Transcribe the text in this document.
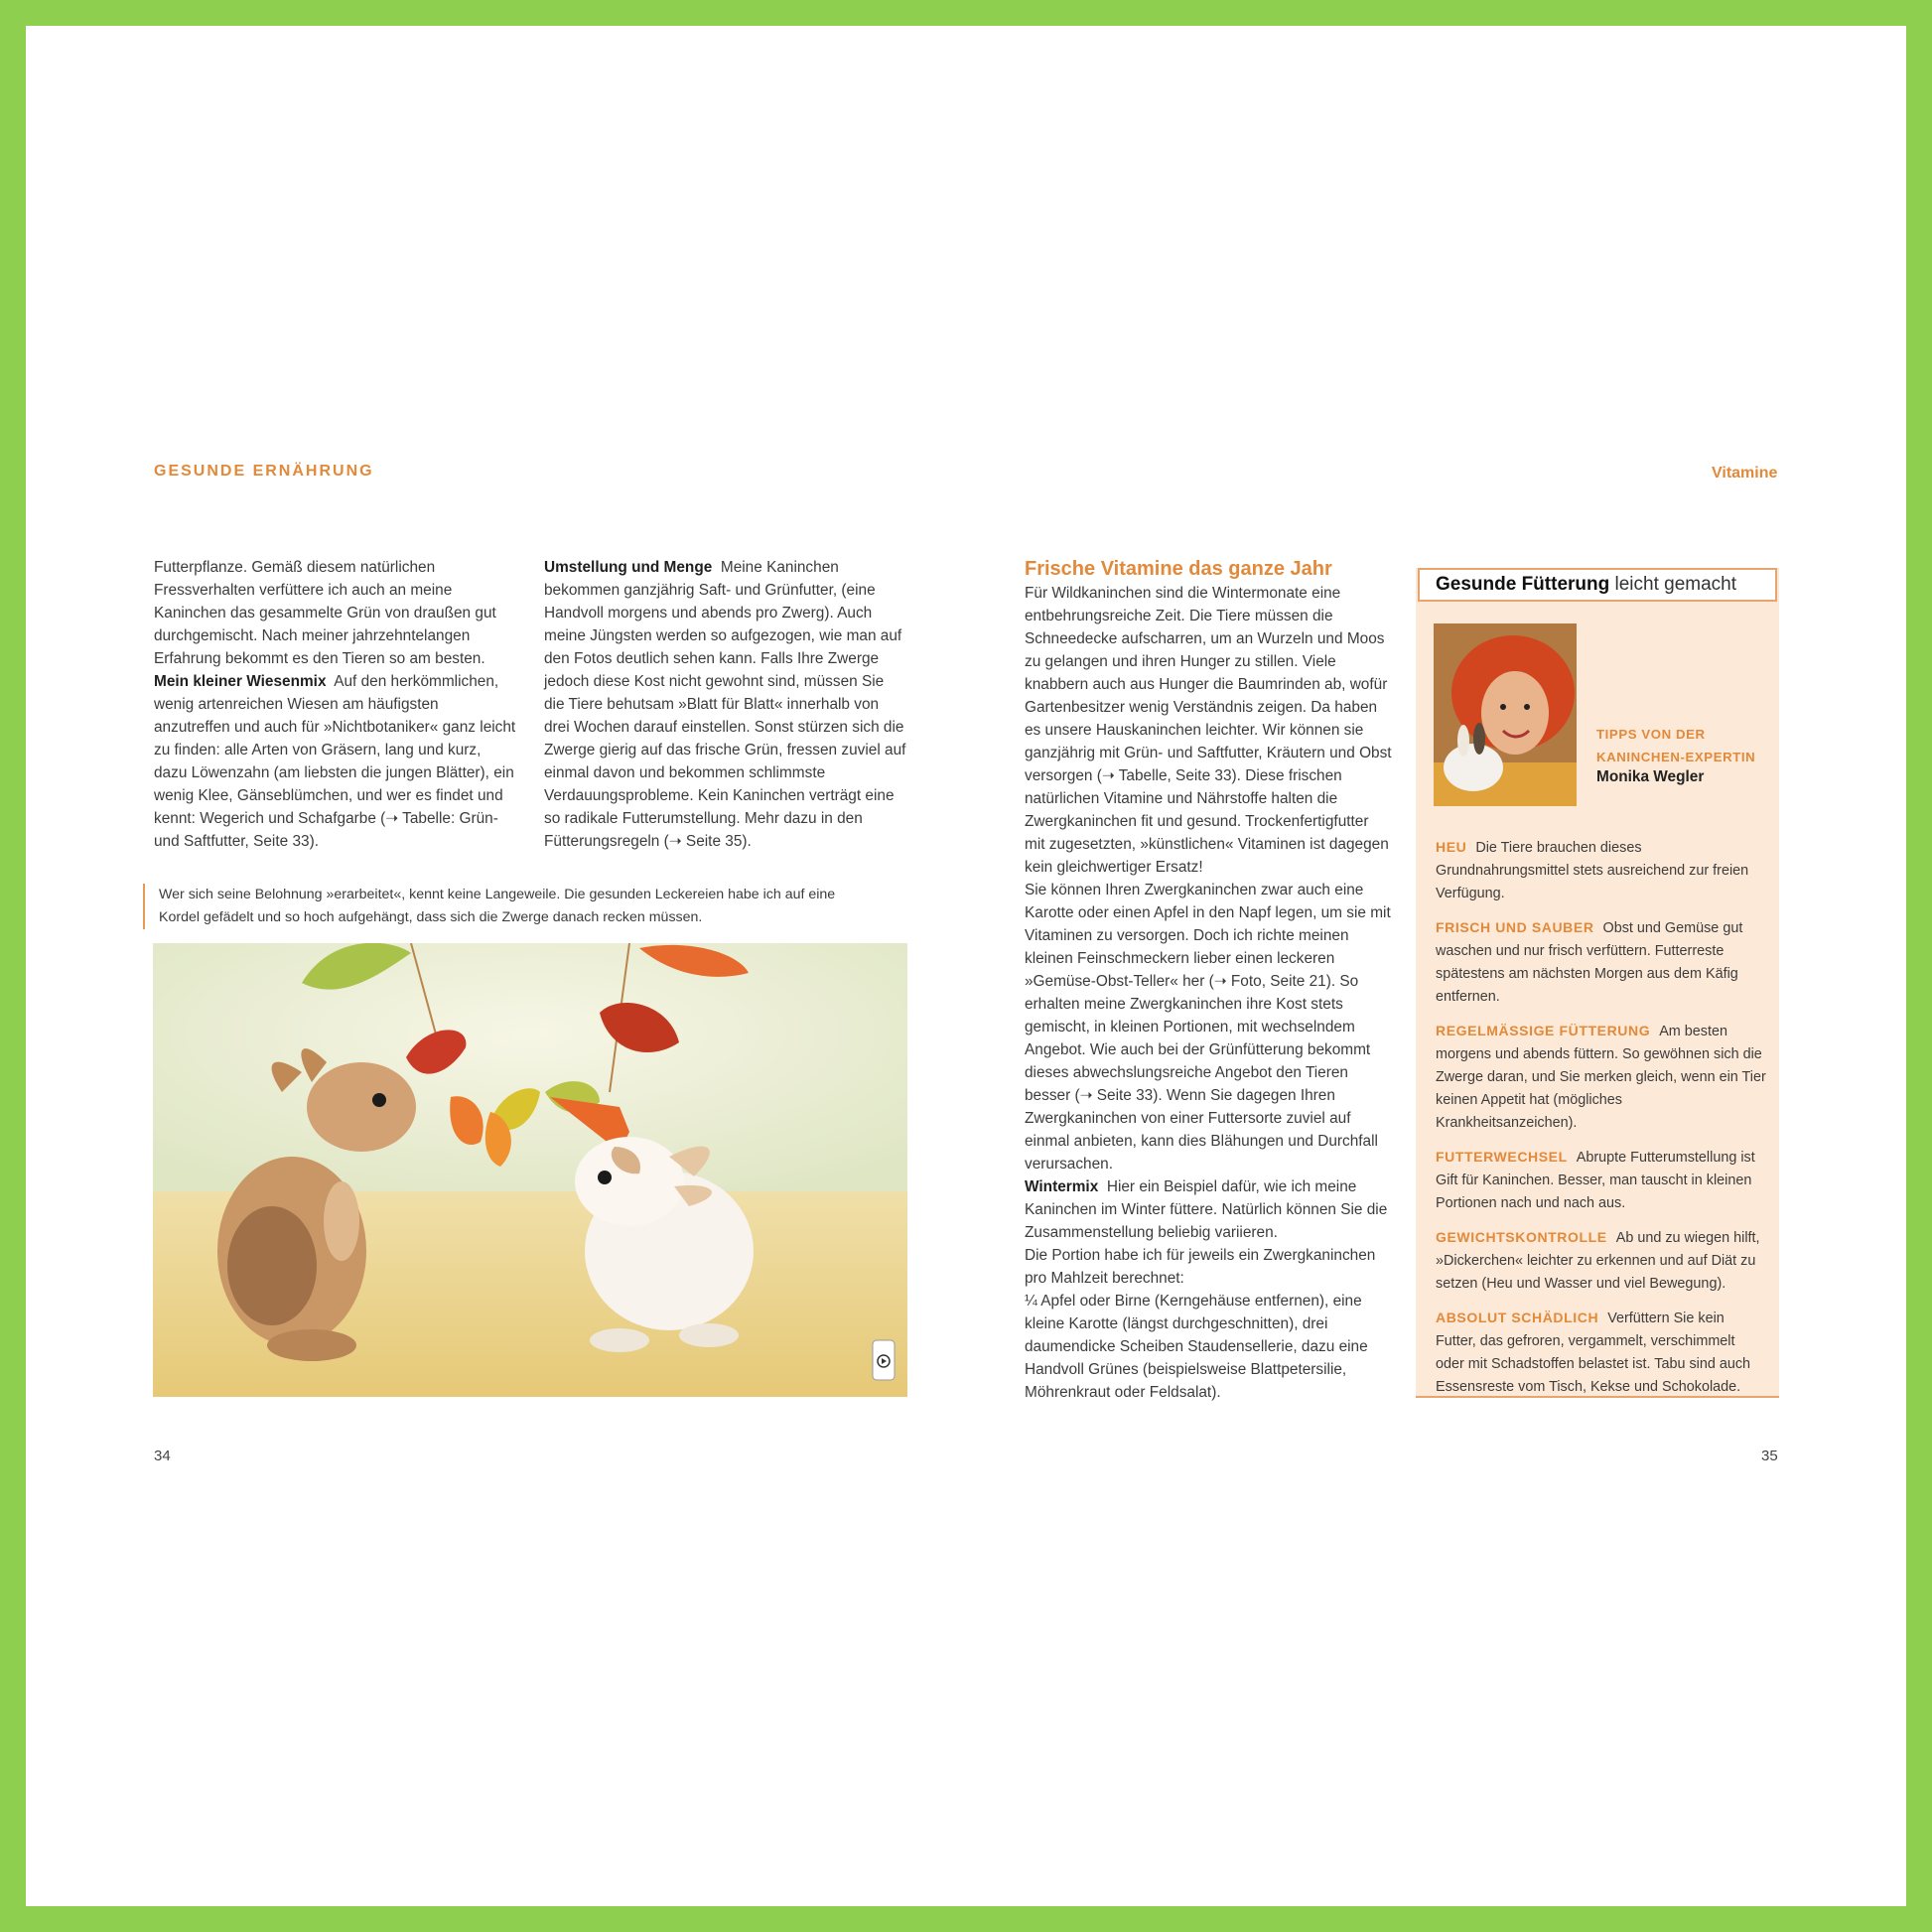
GESUNDE ERNÄHRUNG	Vitamine

Futterpflanze. Gemäß diesem natürlichen Fressverhalten verfüttere ich auch an meine Kaninchen das gesammelte Grün von draußen gut durchgemischt. Nach meiner jahrzehntelangen Erfahrung bekommt es den Tieren so am besten.

Mein kleiner Wiesenmix Auf den herkömmlichen, wenig artenreichen Wiesen am häufigsten anzutreffen und auch für »Nichtbotaniker« ganz leicht zu finden: alle Arten von Gräsern, lang und kurz, dazu Löwenzahn (am liebsten die jungen Blätter), ein wenig Klee, Gänseblümchen, und wer es findet und kennt: Wegerich und Schafgarbe (➝ Tabelle: Grün- und Saftfutter, Seite 33).

Umstellung und Menge Meine Kaninchen bekommen ganzjährig Saft- und Grünfutter, (eine Handvoll morgens und abends pro Zwerg). Auch meine Jüngsten werden so aufgezogen, wie man auf den Fotos deutlich sehen kann. Falls Ihre Zwerge jedoch diese Kost nicht gewohnt sind, müssen Sie die Tiere behutsam »Blatt für Blatt« innerhalb von drei Wochen darauf einstellen. Sonst stürzen sich die Zwerge gierig auf das frische Grün, fressen zuviel auf einmal davon und bekommen schlimmste Verdauungsprobleme. Kein Kaninchen verträgt eine so radikale Futterumstellung. Mehr dazu in den Fütterungsregeln (➝ Seite 35).

Wer sich seine Belohnung »erarbeitet«, kennt keine Langeweile. Die gesunden Leckereien habe ich auf eine Kordel gefädelt und so hoch aufgehängt, dass sich die Zwerge danach recken müssen.
34	35

Frische Vitamine das ganze Jahr

Für Wildkaninchen sind die Wintermonate eine entbehrungsreiche Zeit. Die Tiere müssen die Schneedecke aufscharren, um an Wurzeln und Moos zu gelangen und ihren Hunger zu stillen. Viele knabbern auch aus Hunger die Baumrinden ab, wofür Gartenbesitzer wenig Verständnis zeigen. Da haben es unsere Hauskaninchen leichter. Wir können sie ganzjährig mit Grün- und Saftfutter, Kräutern und Obst versorgen (➝ Tabelle, Seite 33). Diese frischen natürlichen Vitamine und Nährstoffe halten die Zwergkaninchen fit und gesund. Trockenfertigfutter mit zugesetzten, »künstlichen« Vitaminen ist dagegen kein gleichwertiger Ersatz!

Sie können Ihren Zwergkaninchen zwar auch eine Karotte oder einen Apfel in den Napf legen, um sie mit Vitaminen zu versorgen. Doch ich richte meinen kleinen Feinschmeckern lieber einen leckeren »Gemüse-Obst-Teller« her (➝ Foto, Seite 21). So erhalten meine Zwergkaninchen ihre Kost stets gemischt, in kleinen Portionen, mit wechselndem Angebot. Wie auch bei der Grünfütterung bekommt dieses abwechslungsreiche Angebot den Tieren besser (➝ Seite 33). Wenn Sie dagegen Ihren Zwergkaninchen von einer Futtersorte zuviel auf einmal anbieten, kann dies Blähungen und Durchfall verursachen.

Wintermix Hier ein Beispiel dafür, wie ich meine Kaninchen im Winter füttere. Natürlich können Sie die Zusammenstellung beliebig variieren.

Die Portion habe ich für jeweils ein Zwergkaninchen pro Mahlzeit berechnet:

¼ Apfel oder Birne (Kerngehäuse entfernen), eine kleine Karotte (längst durchgeschnitten), drei daumendicke Scheiben Staudensellerie, dazu eine Handvoll Grünes (beispielsweise Blattpetersilie, Möhrenkraut oder Feldsalat).

Gesunde Fütterung leicht gemacht
TIPPS VON DER
KANINCHEN-EXPERTIN
Monika Wegler
HEU Die Tiere brauchen dieses Grundnahrungsmittel stets ausreichend zur freien Verfügung.
FRISCH UND SAUBER Obst und Gemüse gut waschen und nur frisch verfüttern. Futterreste spätestens am nächsten Morgen aus dem Käfig entfernen.
REGELMÄSSIGE FÜTTERUNG Am besten morgens und abends füttern. So gewöhnen sich die Zwerge daran, und Sie merken gleich, wenn ein Tier keinen Appetit hat (mögliches Krankheitsanzeichen).
FUTTERWECHSEL Abrupte Futterumstellung ist Gift für Kaninchen. Besser, man tauscht in kleinen Portionen nach und nach aus.
GEWICHTSKONTROLLE Ab und zu wiegen hilft, »Dickerchen« leichter zu erkennen und auf Diät zu setzen (Heu und Wasser und viel Bewegung).
ABSOLUT SCHÄDLICH Verfüttern Sie kein Futter, das gefroren, vergammelt, verschimmelt oder mit Schadstoffen belastet ist. Tabu sind auch Essensreste vom Tisch, Kekse und Schokolade.
